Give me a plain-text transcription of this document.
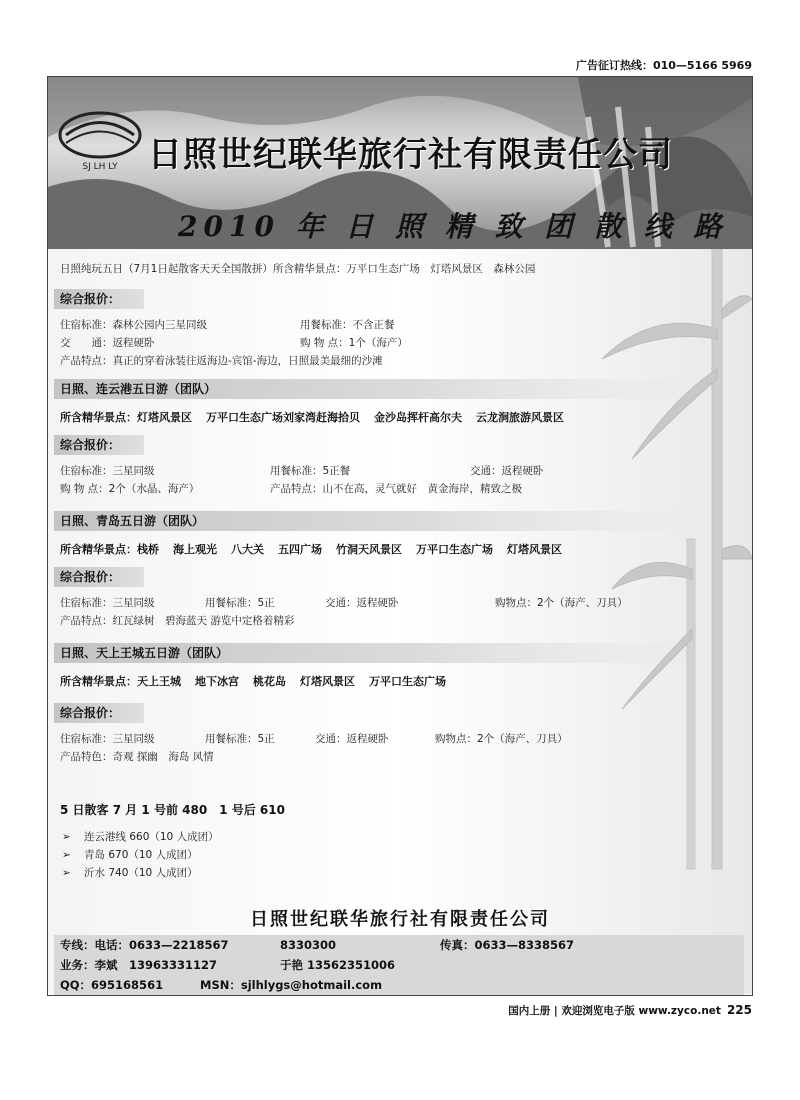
广告征订热线：010—5166 5969
SJ LH LY 日照世纪联华旅行社有限责任公司
2010 年 日 照 精 致 团 散 线 路
日照纯玩五日（7月1日起散客天天全国散拼）所含精华景点：万平口生态广场　灯塔风景区　森林公园
综合报价：
住宿标准：森林公园内三星同级	用餐标准：不含正餐
交　　通：返程硬卧	购 物 点：1个（海产）
产品特点：真正的穿着泳装往返海边-宾馆-海边，日照最美最细的沙滩
日照、连云港五日游（团队）
所含精华景点：灯塔风景区 万平口生态广场刘家湾赶海拾贝 金沙岛挥杆高尔夫 云龙涧旅游风景区
综合报价：
住宿标准：三星同级	用餐标准：5正餐	交通：返程硬卧
购 物 点：2个（水晶、海产）	产品特点：山不在高，灵气就好　黄金海岸，精致之极
日照、青岛五日游（团队）
所含精华景点：栈桥 海上观光 八大关 五四广场 竹洞天风景区 万平口生态广场 灯塔风景区
综合报价：
住宿标准：三星同级	用餐标准：5正	交通：返程硬卧	购物点：2个（海产、刀具）
产品特点：红瓦绿树　碧海蓝天 游览中定格着精彩
日照、天上王城五日游（团队）
所含精华景点：天上王城 地下冰宫 桃花岛 灯塔风景区 万平口生态广场
综合报价：
住宿标准：三星同级	用餐标准：5正	交通：返程硬卧	购物点：2个（海产、刀具）
产品特色：奇观 探幽　海岛 风情
5 日散客 7 月 1 号前 480　1 号后 610
➢ 连云港线 660（10 人成团）
➢ 青岛 670（10 人成团）
➢ 沂水 740（10 人成团）
日照世纪联华旅行社有限责任公司
专线：电话：0633—2218567	8330300	传真：0633—8338567
业务：李斌　13963331127	于艳 13562351006
QQ：695168561	MSN：sjlhlygs@hotmail.com
国内上册 | 欢迎浏览电子版 www.zyco.net 225
